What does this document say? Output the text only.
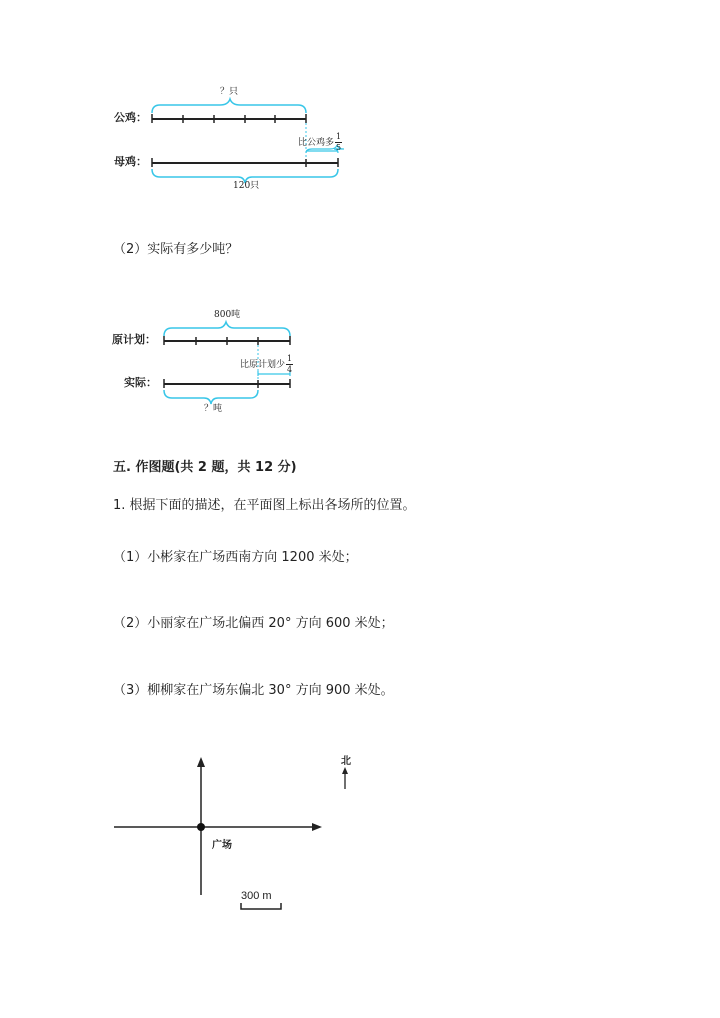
？只
公鸡：
母鸡：
比公鸡多 $\frac{1}{5}$
120只
（2）实际有多少吨？
800吨
原计划：
实际：
比原计划少 $\frac{1}{4}$
？吨
五. 作图题(共 2 题，共 12 分)
1. 根据下面的描述，在平面图上标出各场所的位置。
（1）小彬家在广场西南方向 1200 米处；
（2）小丽家在广场北偏西 20° 方向 600 米处；
（3）柳柳家在广场东偏北 30° 方向 900 米处。
广场
北
300 m
